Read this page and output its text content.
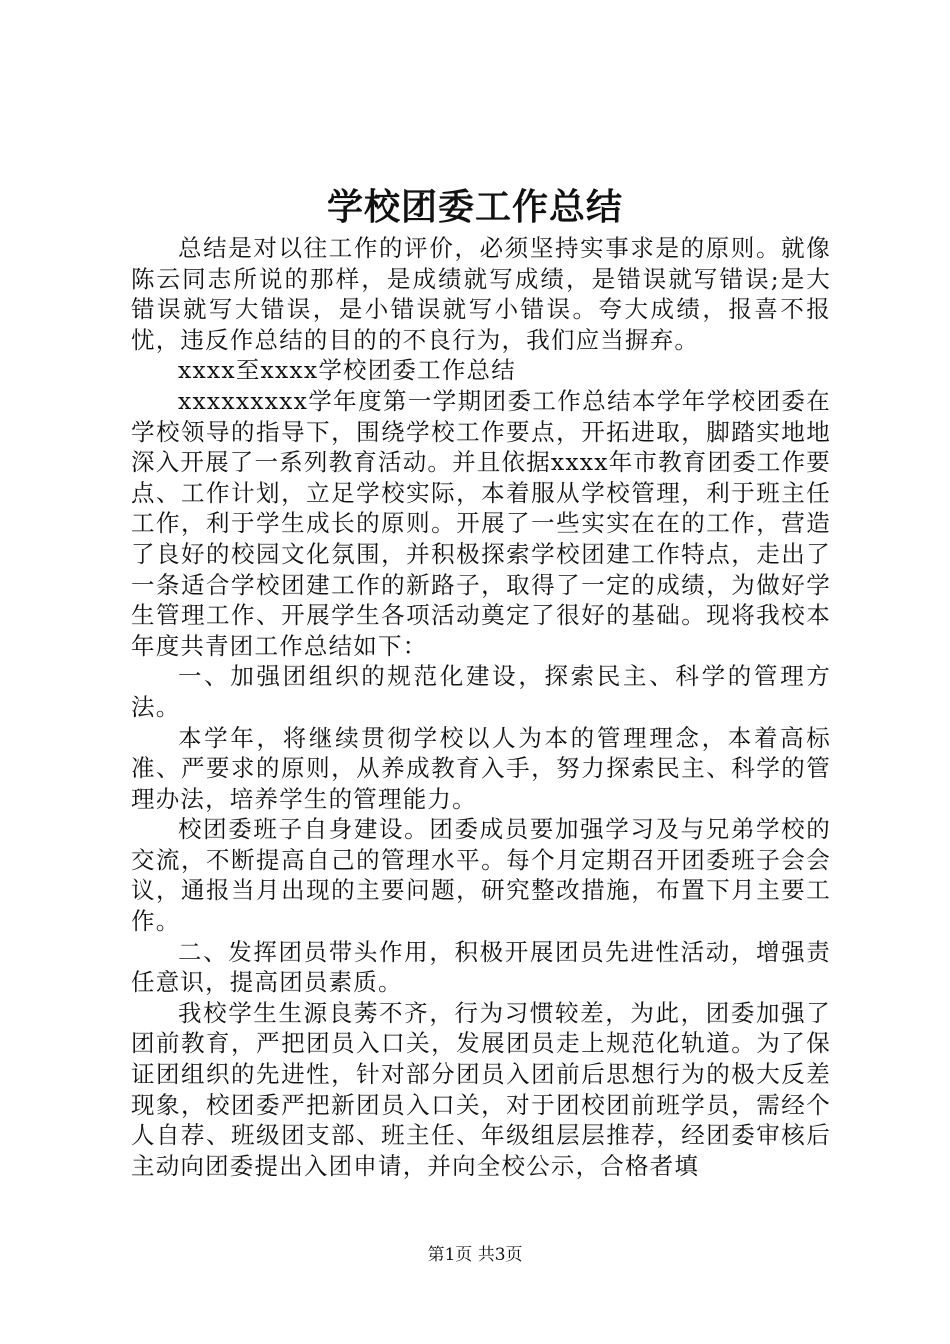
学校团委工作总结

总结是对以往工作的评价，必须坚持实事求是的原则。就像陈云同志所说的那样，是成绩就写成绩，是错误就写错误;是大错误就写大错误，是小错误就写小错误。夸大成绩，报喜不报忧，违反作总结的目的的不良行为，我们应当摒弃。

xxxx至xxxx学校团委工作总结

xxxxxxxxx学年度第一学期团委工作总结本学年学校团委在学校领导的指导下，围绕学校工作要点，开拓进取，脚踏实地地深入开展了一系列教育活动。并且依据xxxx年市教育团委工作要点、工作计划，立足学校实际，本着服从学校管理，利于班主任工作，利于学生成长的原则。开展了一些实实在在的工作，营造了良好的校园文化氛围，并积极探索学校团建工作特点，走出了一条适合学校团建工作的新路子，取得了一定的成绩，为做好学生管理工作、开展学生各项活动奠定了很好的基础。现将我校本年度共青团工作总结如下：

一、加强团组织的规范化建设，探索民主、科学的管理方法。

本学年，将继续贯彻学校以人为本的管理理念，本着高标准、严要求的原则，从养成教育入手，努力探索民主、科学的管理办法，培养学生的管理能力。

校团委班子自身建设。团委成员要加强学习及与兄弟学校的交流，不断提高自己的管理水平。每个月定期召开团委班子会会议，通报当月出现的主要问题，研究整改措施，布置下月主要工作。

二、发挥团员带头作用，积极开展团员先进性活动，增强责任意识，提高团员素质。

我校学生生源良莠不齐，行为习惯较差，为此，团委加强了团前教育，严把团员入口关，发展团员走上规范化轨道。为了保证团组织的先进性，针对部分团员入团前后思想行为的极大反差现象，校团委严把新团员入口关，对于团校团前班学员，需经个人自荐、班级团支部、班主任、年级组层层推荐，经团委审核后主动向团委提出入团申请，并向全校公示，合格者填

第1页 共3页
